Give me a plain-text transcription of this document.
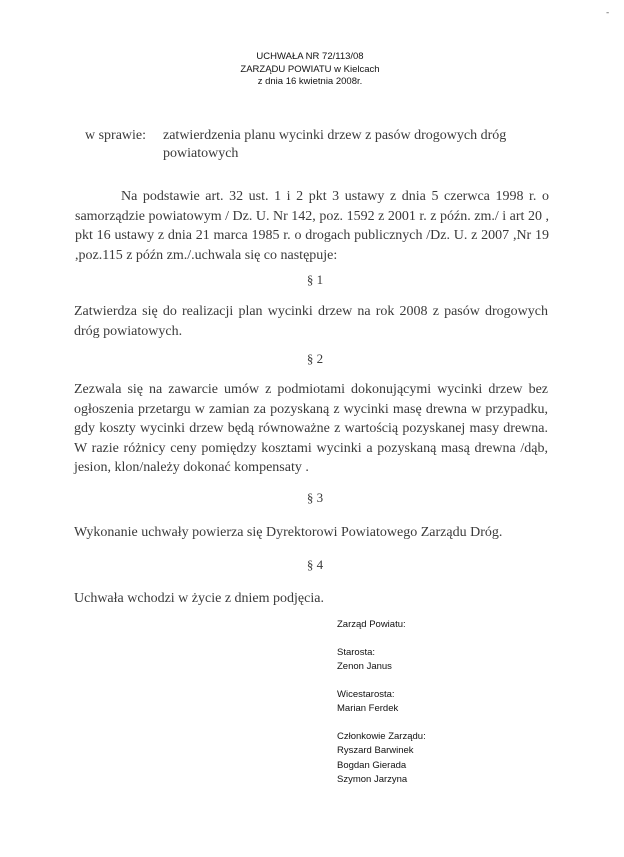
-
UCHWAŁA NR 72/113/08
ZARZĄDU POWIATU w Kielcach
z dnia 16 kwietnia 2008r.
w sprawie: zatwierdzenia planu wycinki drzew z pasów drogowych dróg powiatowych
Na podstawie art. 32 ust. 1 i 2 pkt 3 ustawy z dnia 5 czerwca 1998 r. o samorządzie powiatowym / Dz. U. Nr 142, poz. 1592 z 2001 r. z późn. zm./ i art 20 , pkt 16 ustawy z dnia 21 marca 1985 r. o drogach publicznych /Dz. U. z 2007 ,Nr 19 ,poz.115 z późn zm./.uchwala się co następuje:
§ 1
Zatwierdza się do realizacji plan wycinki drzew na rok 2008 z pasów drogowych dróg powiatowych.
§ 2
Zezwala się na zawarcie umów z podmiotami dokonującymi wycinki drzew bez ogłoszenia przetargu w zamian za pozyskaną z wycinki masę drewna w przypadku, gdy koszty wycinki drzew będą równoważne z wartością pozyskanej masy drewna. W razie różnicy ceny pomiędzy kosztami wycinki a pozyskaną masą drewna /dąb, jesion, klon/należy dokonać kompensaty .
§ 3
Wykonanie uchwały powierza się Dyrektorowi Powiatowego Zarządu Dróg.
§ 4
Uchwała wchodzi w życie z dniem podjęcia.
Zarząd Powiatu:
Starosta:
Zenon Janus
Wicestarosta:
Marian Ferdek
Członkowie Zarządu:
Ryszard Barwinek
Bogdan Gierada
Szymon Jarzyna
